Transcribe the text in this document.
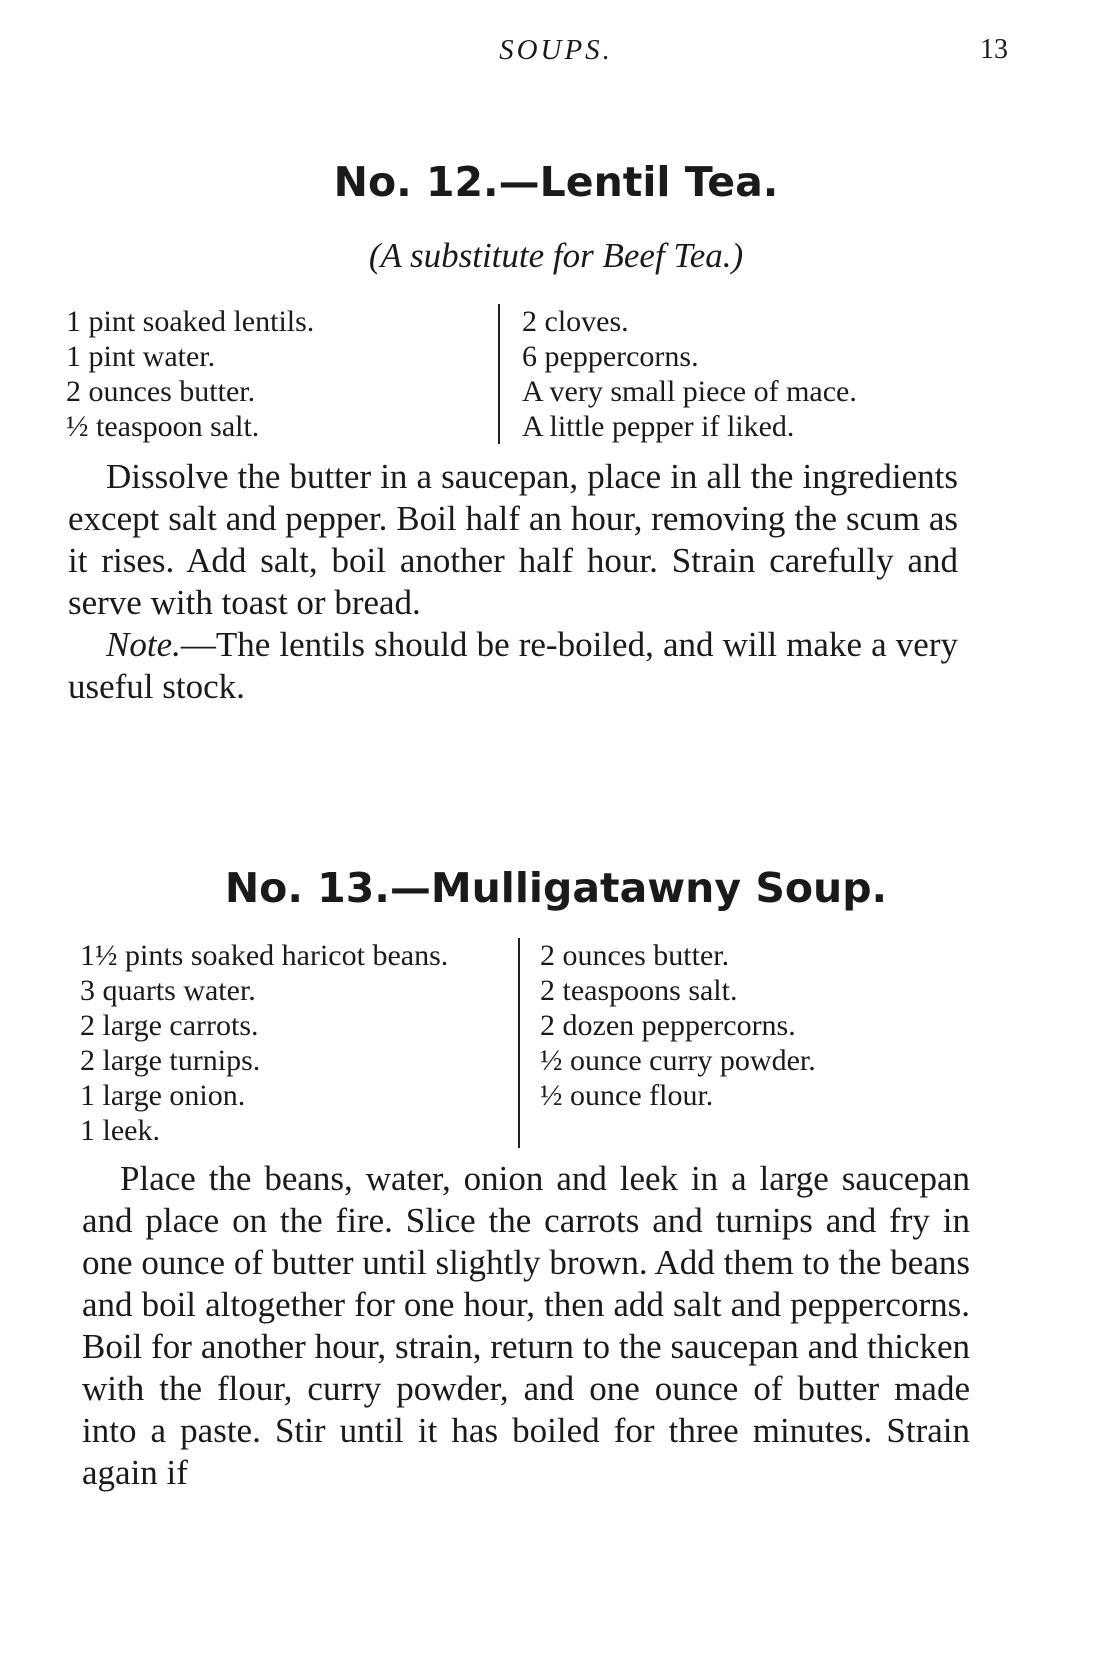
SOUPS.	13
No. 12.—Lentil Tea.
(A substitute for Beef Tea.)
1 pint soaked lentils.
1 pint water.
2 ounces butter.
½ teaspoon salt.
2 cloves.
6 peppercorns.
A very small piece of mace.
A little pepper if liked.

Dissolve the butter in a saucepan, place in all the ingredients except salt and pepper. Boil half an hour, removing the scum as it rises. Add salt, boil another half hour. Strain carefully and serve with toast or bread.

Note.—The lentils should be re-boiled, and will make a very useful stock.

No. 13.—Mulligatawny Soup.
1½ pints soaked haricot beans.
3 quarts water.
2 large carrots.
2 large turnips.
1 large onion.
1 leek.
2 ounces butter.
2 teaspoons salt.
2 dozen peppercorns.
½ ounce curry powder.
½ ounce flour.

Place the beans, water, onion and leek in a large saucepan and place on the fire. Slice the carrots and turnips and fry in one ounce of butter until slightly brown. Add them to the beans and boil altogether for one hour, then add salt and peppercorns. Boil for another hour, strain, return to the saucepan and thicken with the flour, curry powder, and one ounce of butter made into a paste. Stir until it has boiled for three minutes. Strain again if
